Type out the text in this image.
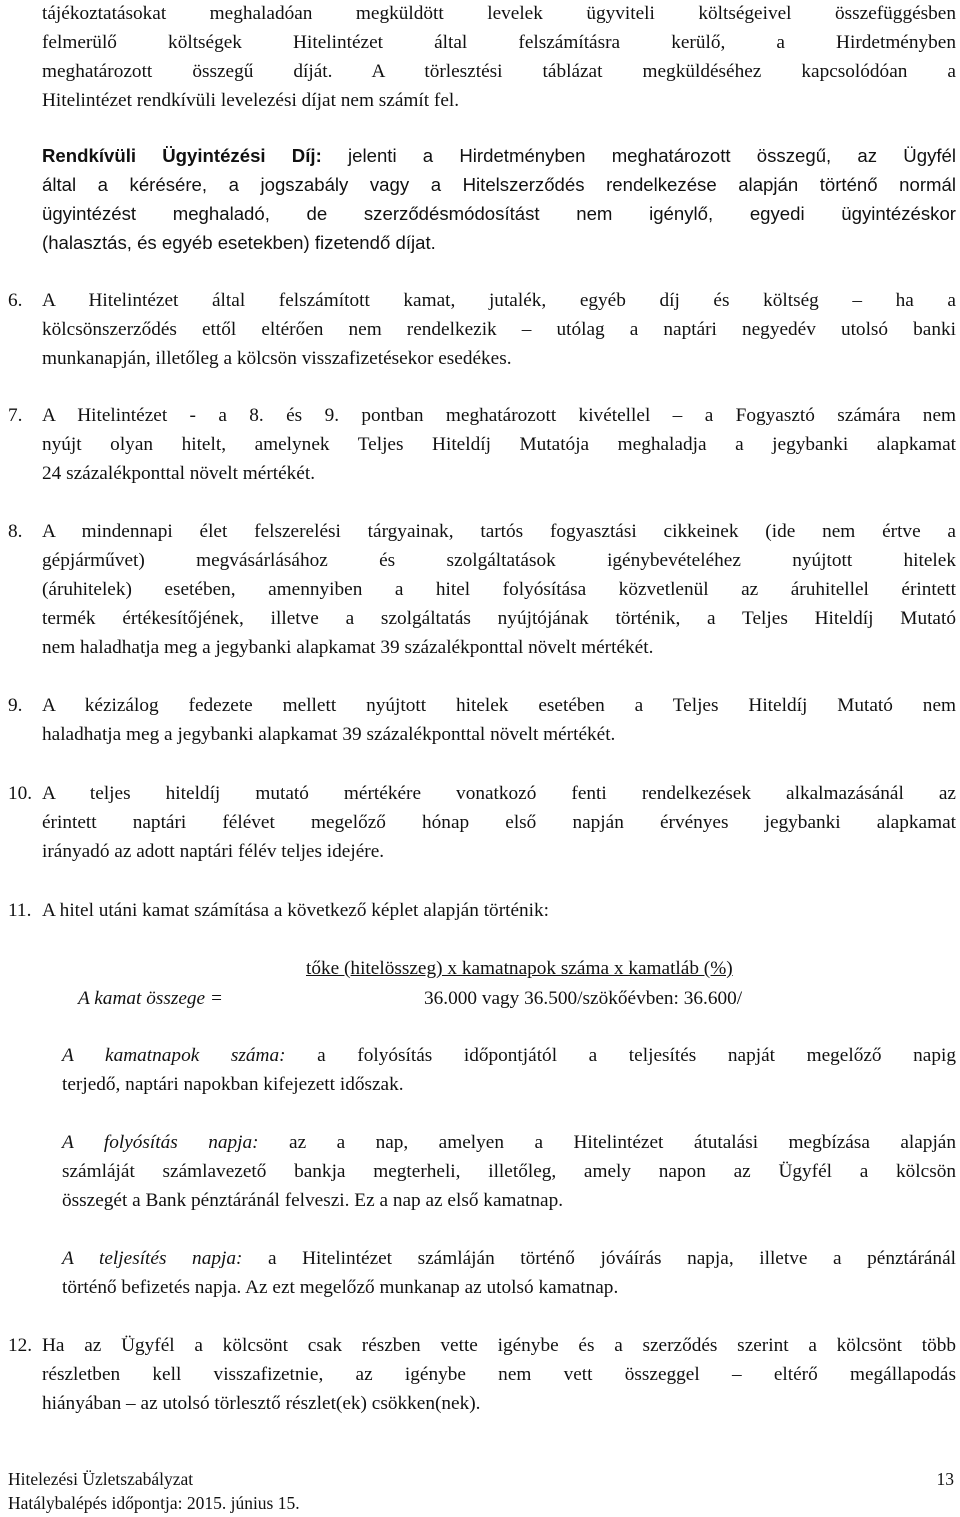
tájékoztatásokat meghaladóan megküldött levelek ügyviteli költségeivel összefüggésben
felmerülő költségek Hitelintézet által felszámításra kerülő, a Hirdetményben
meghatározott összegű díját. A törlesztési táblázat megküldéséhez kapcsolódóan a
Hitelintézet rendkívüli levelezési díjat nem számít fel.
Rendkívüli Ügyintézési Díj: jelenti a Hirdetményben meghatározott összegű, az Ügyfél
által a kérésére, a jogszabály vagy a Hitelszerződés rendelkezése alapján történő normál
ügyintézést meghaladó, de szerződésmódosítást nem igénylő, egyedi ügyintézéskor
(halasztás, és egyéb esetekben) fizetendő díjat.
6. A Hitelintézet által felszámított kamat, jutalék, egyéb díj és költség – ha a
kölcsönszerződés ettől eltérően nem rendelkezik – utólag a naptári negyedév utolsó banki
munkanapján, illetőleg a kölcsön visszafizetésekor esedékes.
7. A Hitelintézet - a 8. és 9. pontban meghatározott kivétellel – a Fogyasztó számára nem
nyújt olyan hitelt, amelynek Teljes Hiteldíj Mutatója meghaladja a jegybanki alapkamat
24 százalékponttal növelt mértékét.
8. A mindennapi élet felszerelési tárgyainak, tartós fogyasztási cikkeinek (ide nem értve a
gépjárművet) megvásárlásához és szolgáltatások igénybevételéhez nyújtott hitelek
(áruhitelek) esetében, amennyiben a hitel folyósítása közvetlenül az áruhitellel érintett
termék értékesítőjének, illetve a szolgáltatás nyújtójának történik, a Teljes Hiteldíj Mutató
nem haladhatja meg a jegybanki alapkamat 39 százalékponttal növelt mértékét.
9. A kézizálog fedezete mellett nyújtott hitelek esetében a Teljes Hiteldíj Mutató nem
haladhatja meg a jegybanki alapkamat 39 százalékponttal növelt mértékét.
10. A teljes hiteldíj mutató mértékére vonatkozó fenti rendelkezések alkalmazásánál az
érintett naptári félévet megelőző hónap első napján érvényes jegybanki alapkamat
irányadó az adott naptári félév teljes idejére.
11. A hitel utáni kamat számítása a következő képlet alapján történik:
A kamat összege =
tőke (hitelösszeg) x kamatnapok száma x kamatláb (%)
36.000 vagy 36.500/szökőévben: 36.600/
A kamatnapok száma: a folyósítás időpontjától a teljesítés napját megelőző napig
terjedő, naptári napokban kifejezett időszak.
A folyósítás napja: az a nap, amelyen a Hitelintézet átutalási megbízása alapján
számláját számlavezető bankja megterheli, illetőleg, amely napon az Ügyfél a kölcsön
összegét a Bank pénztáránál felveszi. Ez a nap az első kamatnap.
A teljesítés napja: a Hitelintézet számláján történő jóváírás napja, illetve a pénztáránál
történő befizetés napja. Az ezt megelőző munkanap az utolsó kamatnap.
12. Ha az Ügyfél a kölcsönt csak részben vette igénybe és a szerződés szerint a kölcsönt több
részletben kell visszafizetnie, az igénybe nem vett összeggel – eltérő megállapodás
hiányában – az utolsó törlesztő részlet(ek) csökken(nek).
Hitelezési Üzletszabályzat	13
Hatálybalépés időpontja: 2015. június 15.
